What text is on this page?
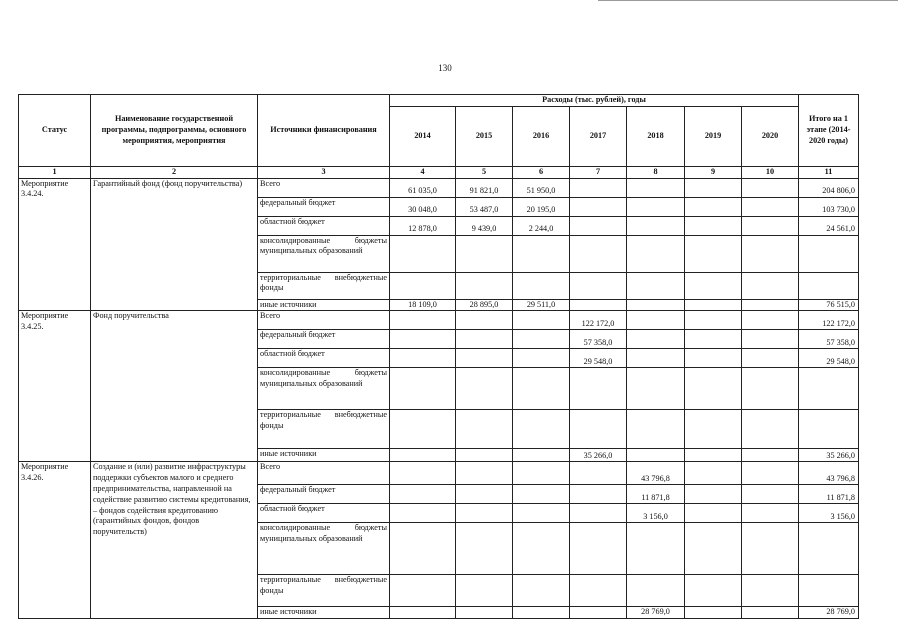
130
Статус	Наименование государственной программы, подпрограммы, основного мероприятия, мероприятия	Источники финансирования	Расходы (тыс. рублей), годы							Итого на 1 этапе (2014-2020 годы)
			2014	2015	2016	2017	2018	2019	2020	
1	2	3	4	5	6	7	8	9	10	11
Мероприятие 3.4.24.	Гарантийный фонд (фонд поручительства)	Всего	61 035,0	91 821,0	51 950,0					204 806,0
		федеральный бюджет	30 048,0	53 487,0	20 195,0					103 730,0
		областной бюджет	12 878,0	9 439,0	2 244,0					24 561,0
		консолидированные бюджеты муниципальных образований								
		территориальные внебюджетные фонды								
		иные источники	18 109,0	28 895,0	29 511,0					76 515,0
Мероприятие 3.4.25.	Фонд поручительства	Всего				122 172,0				122 172,0
		федеральный бюджет				57 358,0				57 358,0
		областной бюджет				29 548,0				29 548,0
		консолидированные бюджеты муниципальных образований								
		территориальные внебюджетные фонды								
		иные источники				35 266,0				35 266,0
Мероприятие 3.4.26.	Создание и (или) развитие инфраструктуры поддержки субъектов малого и среднего предпринимательства, направленной на содействие развитию системы кредитования, – фондов содействия кредитованию (гарантийных фондов, фондов поручительств)	Всего					43 796,8			43 796,8
		федеральный бюджет					11 871,8			11 871,8
		областной бюджет					3 156,0			3 156,0
		консолидированные бюджеты муниципальных образований								
		территориальные внебюджетные фонды								
		иные источники					28 769,0			28 769,0
